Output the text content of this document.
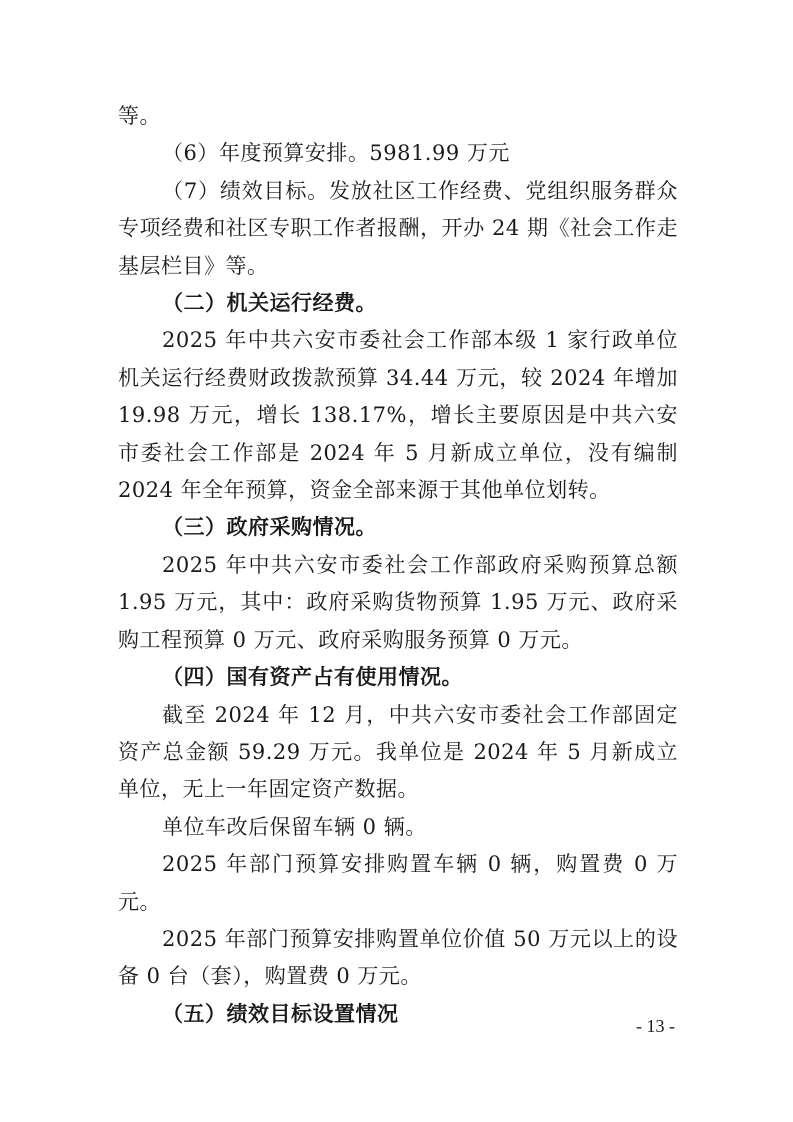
等。

（6）年度预算安排。5981.99 万元

（7）绩效目标。发放社区工作经费、党组织服务群众专项经费和社区专职工作者报酬，开办 24 期《社会工作走基层栏目》等。

（二）机关运行经费。

2025 年中共六安市委社会工作部本级 1 家行政单位机关运行经费财政拨款预算 34.44 万元，较 2024 年增加 19.98 万元，增长 138.17%，增长主要原因是中共六安市委社会工作部是 2024 年 5 月新成立单位，没有编制 2024 年全年预算，资金全部来源于其他单位划转。

（三）政府采购情况。

2025 年中共六安市委社会工作部政府采购预算总额 1.95 万元，其中：政府采购货物预算 1.95 万元、政府采购工程预算 0 万元、政府采购服务预算 0 万元。

（四）国有资产占有使用情况。

截至 2024 年 12 月，中共六安市委社会工作部固定资产总金额 59.29 万元。我单位是 2024 年 5 月新成立单位，无上一年固定资产数据。

单位车改后保留车辆 0 辆。

2025 年部门预算安排购置车辆 0 辆，购置费 0 万元。

2025 年部门预算安排购置单位价值 50 万元以上的设备 0 台（套），购置费 0 万元。

（五）绩效目标设置情况

- 13 -
